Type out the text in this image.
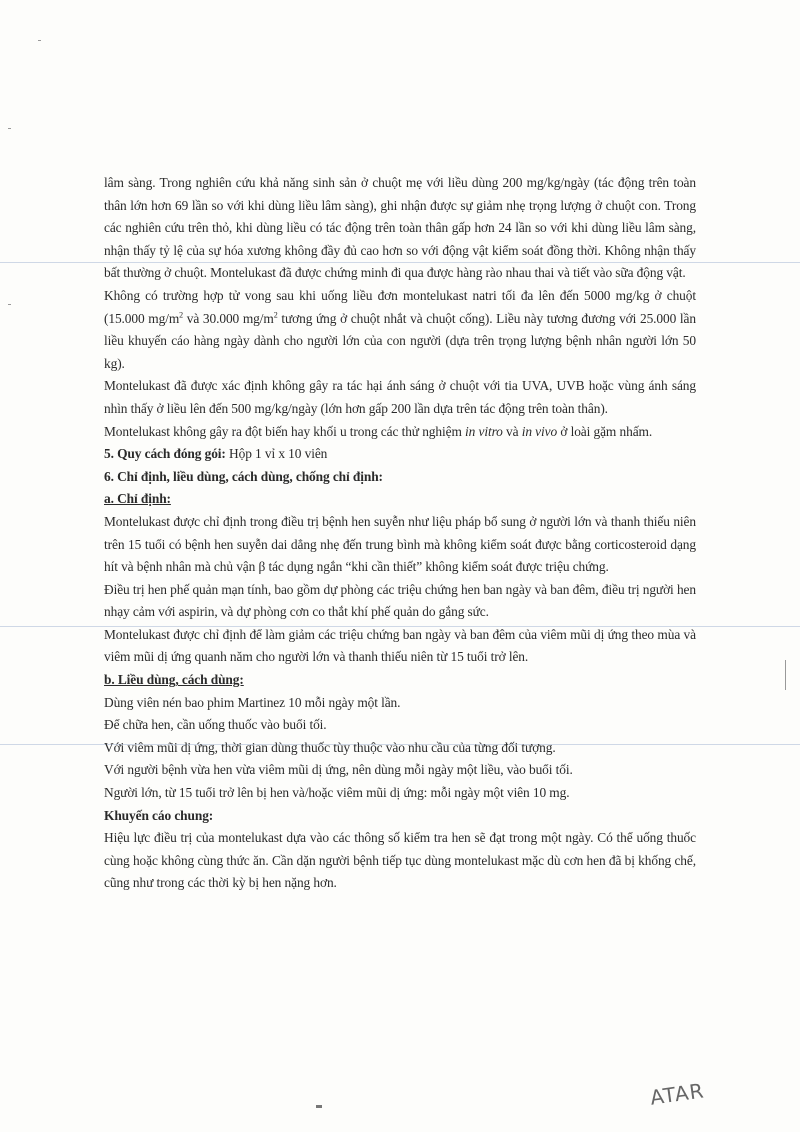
lâm sàng. Trong nghiên cứu khả năng sinh sản ở chuột mẹ với liều dùng 200 mg/kg/ngày (tác động trên toàn thân lớn hơn 69 lần so với khi dùng liều lâm sàng), ghi nhận được sự giảm nhẹ trọng lượng ở chuột con. Trong các nghiên cứu trên thỏ, khi dùng liều có tác động trên toàn thân gấp hơn 24 lần so với khi dùng liều lâm sàng, nhận thấy tỷ lệ của sự hóa xương không đầy đủ cao hơn so với động vật kiểm soát đồng thời. Không nhận thấy bất thường ở chuột. Montelukast đã được chứng minh đi qua được hàng rào nhau thai và tiết vào sữa động vật.

Không có trường hợp tử vong sau khi uống liều đơn montelukast natri tối đa lên đến 5000 mg/kg ở chuột (15.000 $mg/m^2$ và 30.000 $mg/m^2$ tương ứng ở chuột nhắt và chuột cống). Liều này tương đương với 25.000 lần liều khuyến cáo hàng ngày dành cho người lớn của con người (dựa trên trọng lượng bệnh nhân người lớn 50 kg).

Montelukast đã được xác định không gây ra tác hại ánh sáng ở chuột với tia UVA, UVB hoặc vùng ánh sáng nhìn thấy ở liều lên đến 500 mg/kg/ngày (lớn hơn gấp 200 lần dựa trên tác động trên toàn thân).

Montelukast không gây ra đột biến hay khối u trong các thử nghiệm in vitro và in vivo ở loài gặm nhấm.

5. Quy cách đóng gói: Hộp 1 vỉ x 10 viên

6. Chỉ định, liều dùng, cách dùng, chống chỉ định:

a. Chỉ định:

Montelukast được chỉ định trong điều trị bệnh hen suyễn như liệu pháp bổ sung ở người lớn và thanh thiếu niên trên 15 tuổi có bệnh hen suyễn dai dẳng nhẹ đến trung bình mà không kiểm soát được bằng corticosteroid dạng hít và bệnh nhân mà chủ vận β tác dụng ngắn “khi cần thiết” không kiểm soát được triệu chứng.

Điều trị hen phế quản mạn tính, bao gồm dự phòng các triệu chứng hen ban ngày và ban đêm, điều trị người hen nhạy cảm với aspirin, và dự phòng cơn co thắt khí phế quản do gắng sức.

Montelukast được chỉ định để làm giảm các triệu chứng ban ngày và ban đêm của viêm mũi dị ứng theo mùa và viêm mũi dị ứng quanh năm cho người lớn và thanh thiếu niên từ 15 tuổi trở lên.

b. Liều dùng, cách dùng:

Dùng viên nén bao phim Martinez 10 mỗi ngày một lần.

Để chữa hen, cần uống thuốc vào buổi tối.

Với viêm mũi dị ứng, thời gian dùng thuốc tùy thuộc vào nhu cầu của từng đối tượng.

Với người bệnh vừa hen vừa viêm mũi dị ứng, nên dùng mỗi ngày một liều, vào buổi tối.

Người lớn, từ 15 tuổi trở lên bị hen và/hoặc viêm mũi dị ứng: mỗi ngày một viên 10 mg.

Khuyến cáo chung:

Hiệu lực điều trị của montelukast dựa vào các thông số kiểm tra hen sẽ đạt trong một ngày. Có thể uống thuốc cùng hoặc không cùng thức ăn. Cần dặn người bệnh tiếp tục dùng montelukast mặc dù cơn hen đã bị khống chế, cũng như trong các thời kỳ bị hen nặng hơn.

ATAR
